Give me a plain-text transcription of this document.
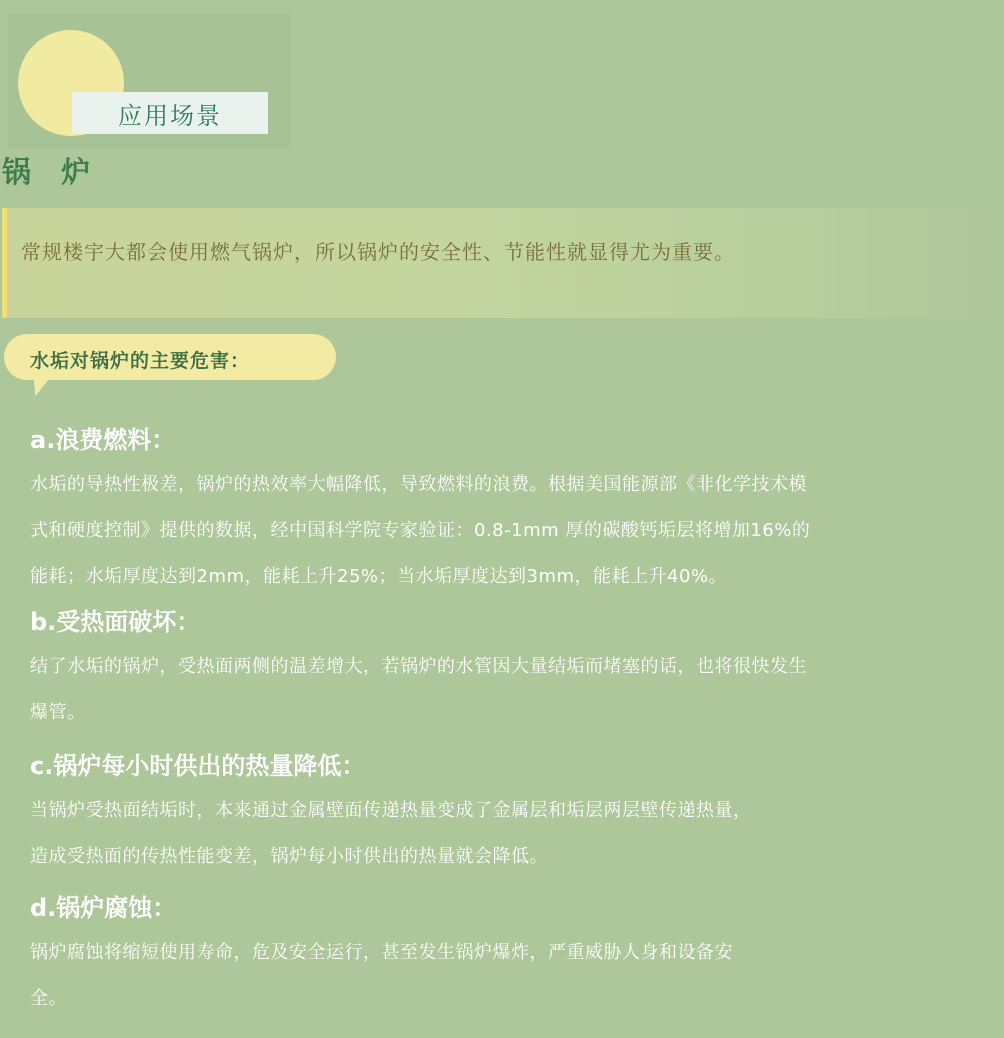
应用场景
锅 炉
常规楼宇大都会使用燃气锅炉，所以锅炉的安全性、节能性就显得尤为重要。
水垢对锅炉的主要危害：
a.浪费燃料：
水垢的导热性极差，锅炉的热效率大幅降低，导致燃料的浪费。根据美国能源部《非化学技术模
式和硬度控制》提供的数据，经中国科学院专家验证：0.8-1mm 厚的碳酸钙垢层将增加16%的
能耗；水垢厚度达到2mm，能耗上升25%；当水垢厚度达到3mm，能耗上升40%。
b.受热面破坏：
结了水垢的锅炉，受热面两侧的温差增大，若锅炉的水管因大量结垢而堵塞的话，也将很快发生
爆管。
c.锅炉每小时供出的热量降低：
当锅炉受热面结垢时，本来通过金属壁面传递热量变成了金属层和垢层两层壁传递热量，
造成受热面的传热性能变差，锅炉每小时供出的热量就会降低。
d.锅炉腐蚀：
锅炉腐蚀将缩短使用寿命，危及安全运行，甚至发生锅炉爆炸，严重威胁人身和设备安
全。
